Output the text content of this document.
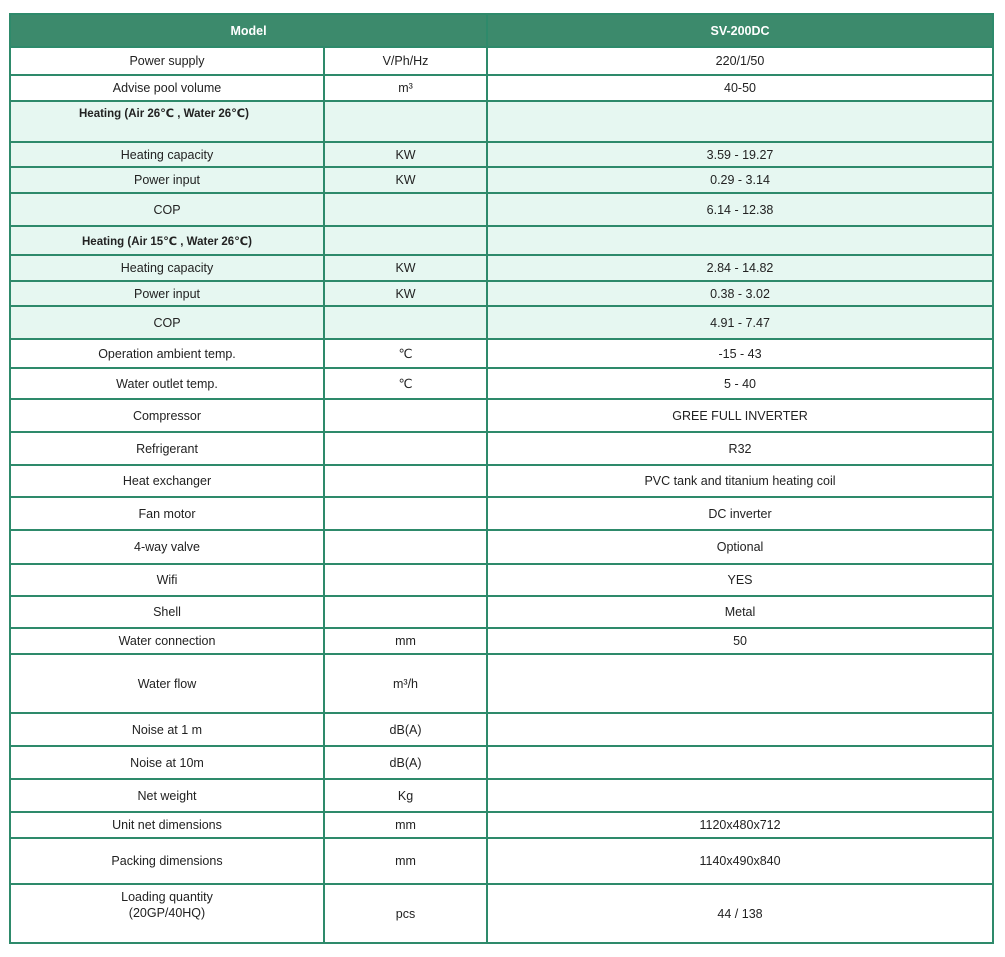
Model		SV-200DC
Power supply	V/Ph/Hz	220/1/50
Advise pool volume	m³	40-50
Heating (Air 26℃ , Water 26℃)		
Heating capacity	KW	3.59 - 19.27
Power input	KW	0.29 - 3.14
COP		6.14 - 12.38
Heating (Air 15℃ , Water 26℃)		
Heating capacity	KW	2.84 - 14.82
Power input	KW	0.38 - 3.02
COP		4.91 - 7.47
Operation ambient temp.	℃	-15 - 43
Water outlet temp.	℃	5 - 40
Compressor		GREE FULL INVERTER
Refrigerant		R32
Heat exchanger		PVC tank and titanium heating coil
Fan motor		DC inverter
4-way valve		Optional
Wifi		YES
Shell		Metal
Water connection	mm	50
Water flow	m³/h	
Noise at 1 m	dB(A)	
Noise at 10m	dB(A)	
Net weight	Kg	
Unit net dimensions	mm	1120x480x712
Packing dimensions	mm	1140x490x840
Loading quantity
(20GP/40HQ)	pcs	44 / 138
